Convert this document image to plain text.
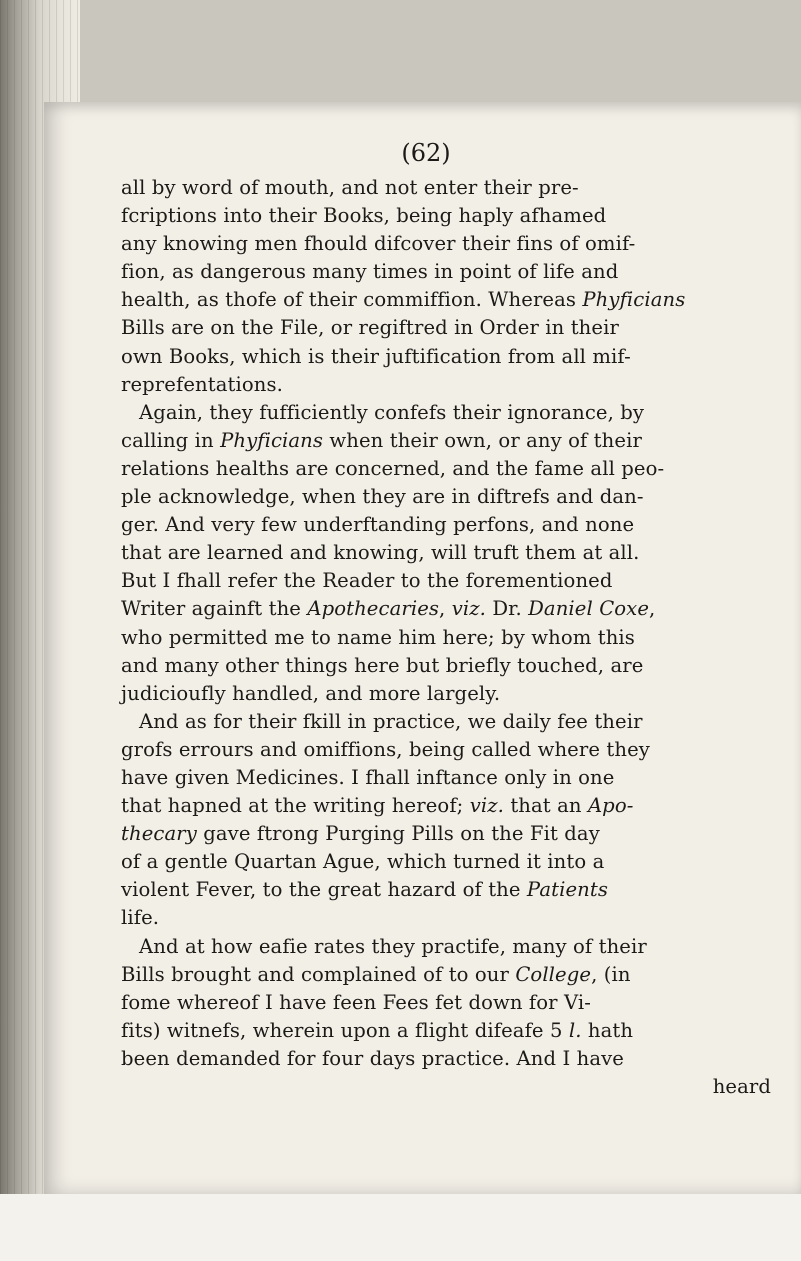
(62)
all by word of mouth, and not enter their pre-
fcriptions into their Books, being haply afhamed
any knowing men fhould difcover their fins of omif-
fion, as dangerous many times in point of life and
health, as thofe of their commiffion. Whereas Phyficians
Bills are on the File, or regiftred in Order in their
own Books, which is their juftification from all mif-
reprefentations.
Again, they fufficiently confefs their ignorance, by
calling in Phyficians when their own, or any of their
relations healths are concerned, and the fame all peo-
ple acknowledge, when they are in diftrefs and dan-
ger. And very few underftanding perfons, and none
that are learned and knowing, will truft them at all.
But I fhall refer the Reader to the forementioned
Writer againft the Apothecaries, viz. Dr. Daniel Coxe,
who permitted me to name him here; by whom this
and many other things here but briefly touched, are
judicioufly handled, and more largely.
And as for their fkill in practice, we daily fee their
grofs errours and omiffions, being called where they
have given Medicines. I fhall inftance only in one
that hapned at the writing hereof; viz. that an Apo-
thecary gave ftrong Purging Pills on the Fit day
of a gentle Quartan Ague, which turned it into a
violent Fever, to the great hazard of the Patients
life.
And at how eafie rates they practife, many of their
Bills brought and complained of to our College, (in
fome whereof I have feen Fees fet down for Vi-
fits) witnefs, wherein upon a flight difeafe 5 l. hath
been demanded for four days practice. And I have
heard
